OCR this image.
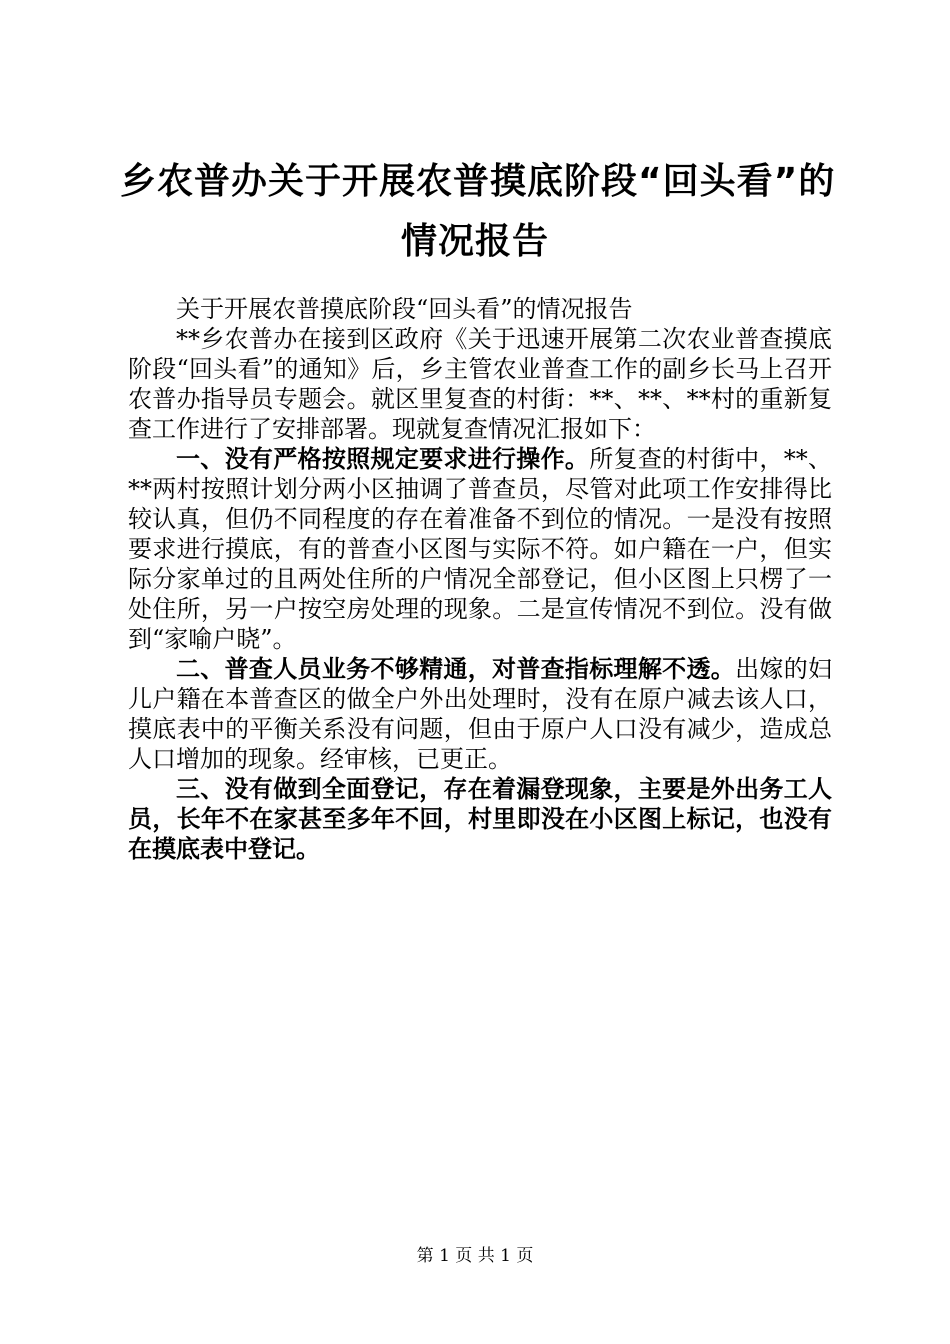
乡农普办关于开展农普摸底阶段“回头看”的
情况报告

关于开展农普摸底阶段“回头看”的情况报告

**乡农普办在接到区政府《关于迅速开展第二次农业普查摸底阶段“回头看”的通知》后，乡主管农业普查工作的副乡长马上召开农普办指导员专题会。就区里复查的村街：**、**、**村的重新复查工作进行了安排部署。现就复查情况汇报如下：

一、没有严格按照规定要求进行操作。所复查的村街中，**、**两村按照计划分两小区抽调了普查员，尽管对此项工作安排得比较认真，但仍不同程度的存在着准备不到位的情况。一是没有按照要求进行摸底，有的普查小区图与实际不符。如户籍在一户，但实际分家单过的且两处住所的户情况全部登记，但小区图上只楞了一处住所，另一户按空房处理的现象。二是宣传情况不到位。没有做到“家喻户晓”。

二、普查人员业务不够精通，对普查指标理解不透。出嫁的妇儿户籍在本普查区的做全户外出处理时，没有在原户减去该人口，摸底表中的平衡关系没有问题，但由于原户人口没有减少，造成总人口增加的现象。经审核，已更正。

三、没有做到全面登记，存在着漏登现象，主要是外出务工人员，长年不在家甚至多年不回，村里即没在小区图上标记，也没有在摸底表中登记。

第 1 页 共 1 页
